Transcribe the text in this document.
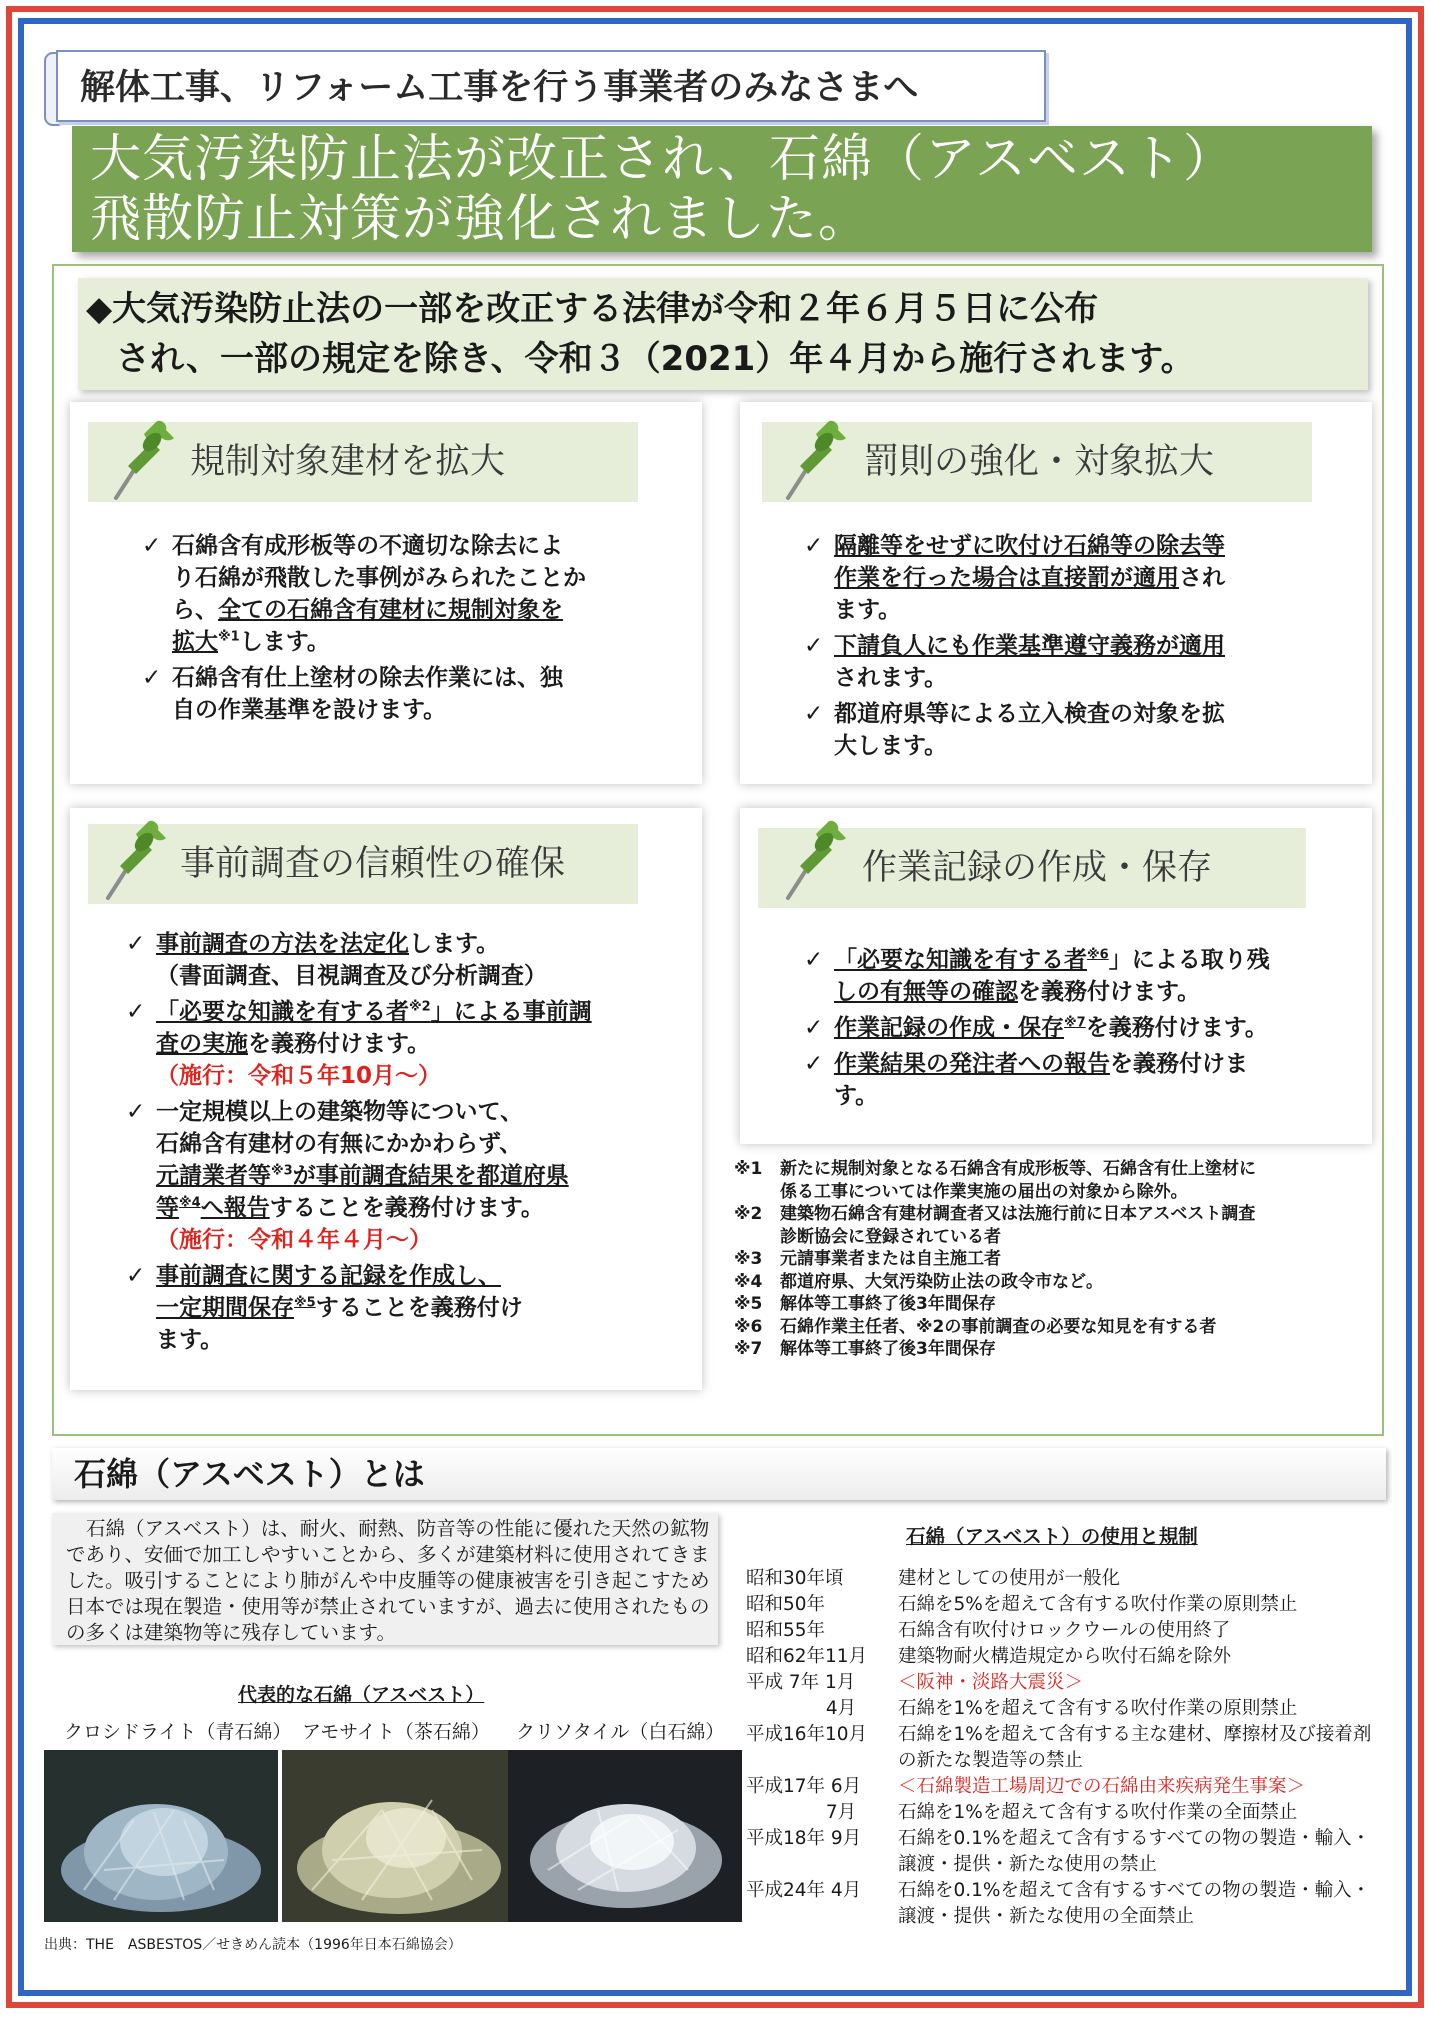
解体工事、リフォーム工事を行う事業者のみなさまへ
大気汚染防止法が改正され、石綿（アスベスト）
飛散防止対策が強化されました。
◆大気汚染防止法の一部を改正する法律が令和２年６月５日に公布
され、一部の規定を除き、令和３（2021）年４月から施行されます。
規制対象建材を拡大
✓ 石綿含有成形板等の不適切な除去によ
り石綿が飛散した事例がみられたことか
ら、全ての石綿含有建材に規制対象を
拡大$^{※1}$します。
✓ 石綿含有仕上塗材の除去作業には、独
自の作業基準を設けます。
罰則の強化・対象拡大
✓ 隔離等をせずに吹付け石綿等の除去等
作業を行った場合は直接罰が適用され
ます。
✓ 下請負人にも作業基準遵守義務が適用
されます。
✓ 都道府県等による立入検査の対象を拡
大します。
事前調査の信頼性の確保
✓ 事前調査の方法を法定化します。
（書面調査、目視調査及び分析調査）
✓ 「必要な知識を有する者$^{※2}$」による事前調
査の実施を義務付けます。
（施行：令和５年10月～）
✓ 一定規模以上の建築物等について、
石綿含有建材の有無にかかわらず、
元請業者等$^{※3}$が事前調査結果を都道府県
等$^{※4}$へ報告することを義務付けます。
（施行：令和４年４月～）
✓ 事前調査に関する記録を作成し、
一定期間保存$^{※5}$することを義務付け
ます。
作業記録の作成・保存
✓ 「必要な知識を有する者$^{※6}$」による取り残
しの有無等の確認を義務付けます。
✓ 作業記録の作成・保存$^{※7}$を義務付けます。
✓ 作業結果の発注者への報告を義務付けま
す。
※1 新たに規制対象となる石綿含有成形板等、石綿含有仕上塗材に
係る工事については作業実施の届出の対象から除外。
※2 建築物石綿含有建材調査者又は法施行前に日本アスベスト調査
診断協会に登録されている者
※3 元請事業者または自主施工者
※4 都道府県、大気汚染防止法の政令市など。
※5 解体等工事終了後3年間保存
※6 石綿作業主任者、※2の事前調査の必要な知見を有する者
※7 解体等工事終了後3年間保存
石綿（アスベスト）とは

石綿（アスベスト）は、耐火、耐熱、防音等の性能に優れた天然の鉱物であり、安価で加工しやすいことから、多くが建築材料に使用されてきました。吸引することにより肺がんや中皮腫等の健康被害を引き起こすため日本では現在製造・使用等が禁止されていますが、過去に使用されたものの多くは建築物等に残存しています。

代表的な石綿（アスベスト）
クロシドライト（青石綿） アモサイト（茶石綿） クリソタイル（白石綿）
出典：THE　ASBESTOS／せきめん読本（1996年日本石綿協会）
石綿（アスベスト）の使用と規制
昭和30年頃	建材としての使用が一般化
昭和50年	石綿を5%を超えて含有する吹付作業の原則禁止
昭和55年	石綿含有吹付けロックウールの使用終了
昭和62年11月 建築物耐火構造規定から吹付石綿を除外
平成 7年 1月 ＜阪神・淡路大震災＞
　　　　 4月 石綿を1%を超えて含有する吹付作業の原則禁止
平成16年10月 石綿を1%を超えて含有する主な建材、摩擦材及び接着剤の新たな製造等の禁止
平成17年 6月 ＜石綿製造工場周辺での石綿由来疾病発生事案＞
　　　　 7月 石綿を1%を超えて含有する吹付作業の全面禁止
平成18年 9月 石綿を0.1%を超えて含有するすべての物の製造・輸入・譲渡・提供・新たな使用の禁止
平成24年 4月 石綿を0.1%を超えて含有するすべての物の製造・輸入・譲渡・提供・新たな使用の全面禁止
